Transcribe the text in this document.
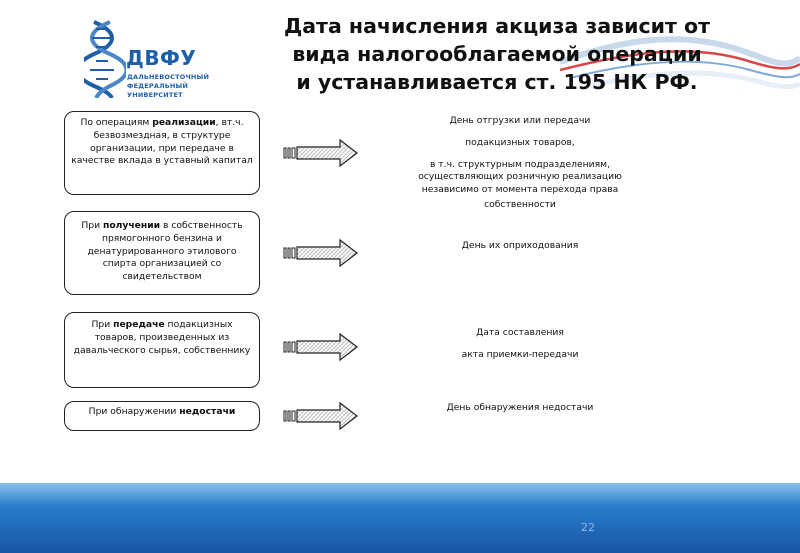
ДВФУ
ДАЛЬНЕВОСТОЧНЫЙ
ФЕДЕРАЛЬНЫЙ
УНИВЕРСИТЕТ
Дата начисления акциза зависит от
вида налогооблагаемой операции
и устанавливается ст. 195 НК РФ.
По операциям реализации, вт.ч. безвозмездная, в структуре организации, при передаче в качестве вклада в уставный капитал
При получении в собственность прямогонного бензина и денатурированного этилового спирта организацией со свидетельством
При передаче подакцизных товаров, произведенных из давальческого сырья, собственнику
При обнаружении недостачи
День отгрузки или передачи
подакцизных товаров,
в т.ч. структурным подразделениям,
осуществляющих розничную реализацию
независимо от момента перехода права
собственности
День их оприходования
Дата составления
акта приемки-передачи
День обнаружения недостачи
22
